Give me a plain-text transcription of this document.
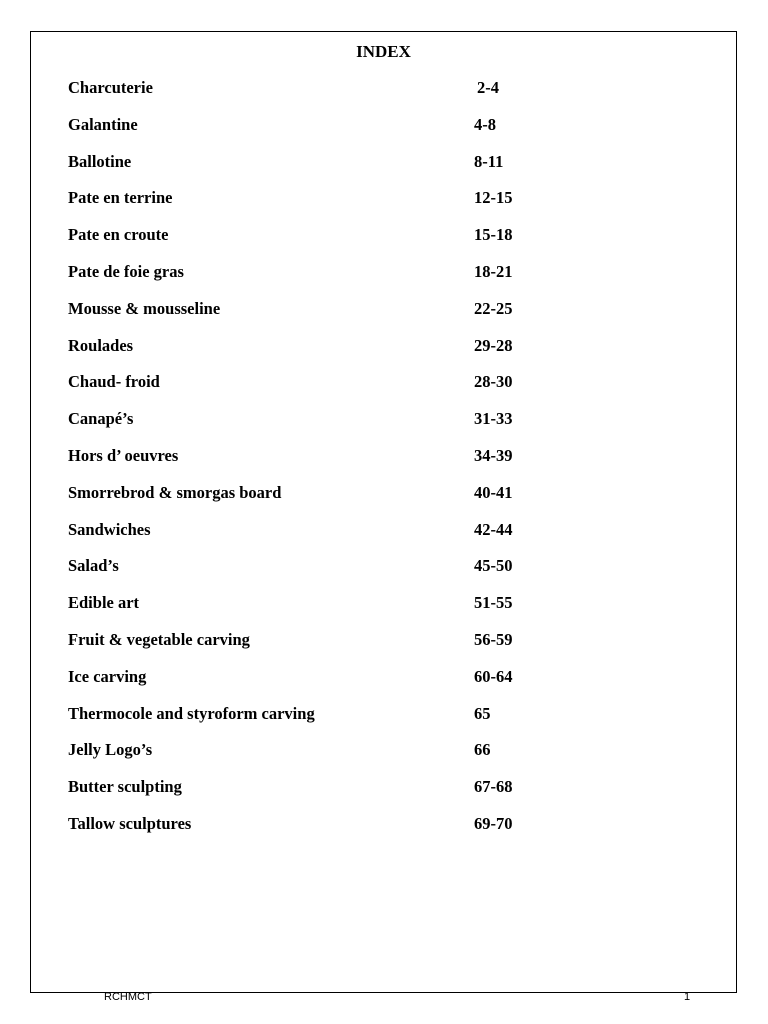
INDEX
Charcuterie	2-4
Galantine	4-8
Ballotine	8-11
Pate en terrine	12-15
Pate en croute	15-18
Pate de foie gras	18-21
Mousse & mousseline	22-25
Roulades	29-28
Chaud- froid	28-30
Canapé’s	31-33
Hors d’ oeuvres	34-39
Smorrebrod & smorgas board	40-41
Sandwiches	42-44
Salad’s	45-50
Edible art	51-55
Fruit & vegetable carving	56-59
Ice carving	60-64
Thermocole and styroform carving	65
Jelly Logo’s	66
Butter sculpting	67-68
Tallow sculptures	69-70
RCHMCT	1
